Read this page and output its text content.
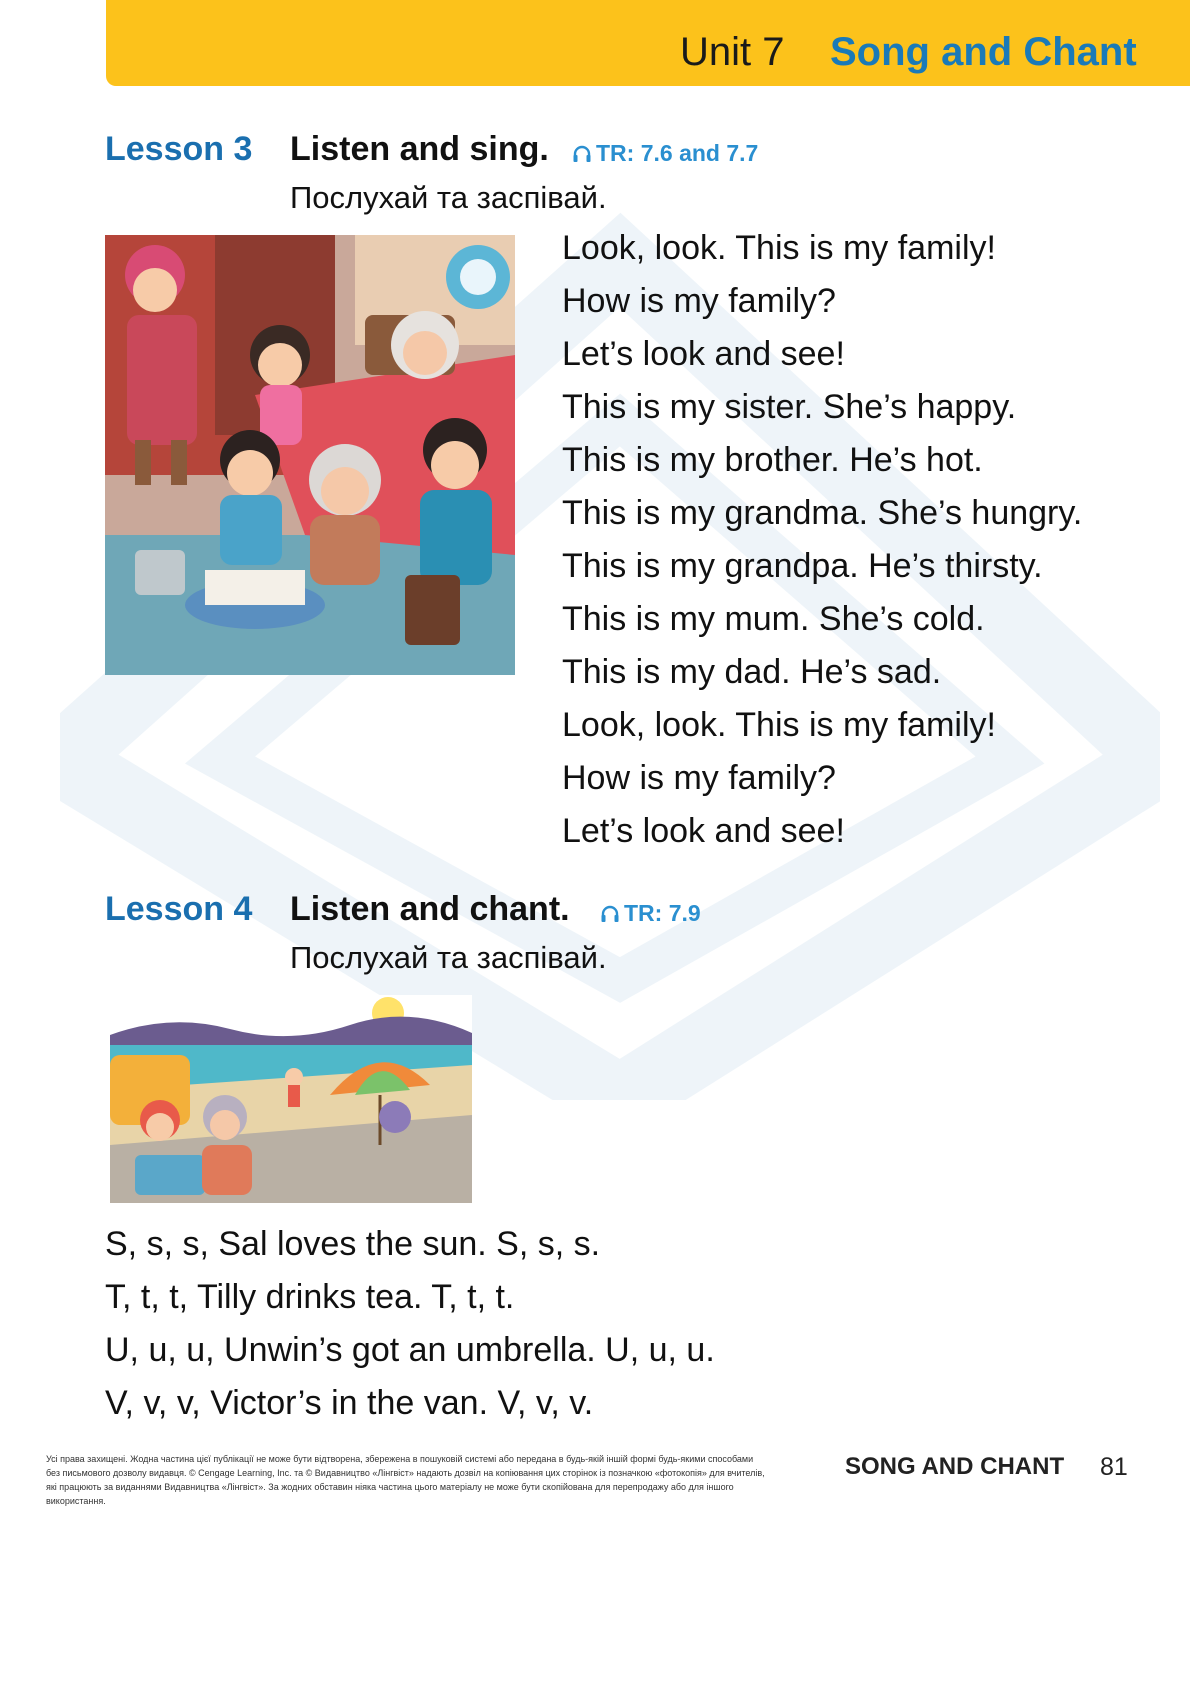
Unit 7 Song and Chant
Lesson 3 Listen and sing.	TR: 7.6 and 7.7
Послухай та заспівай.
Look, look. This is my family!
How is my family?
Let’s look and see!
This is my sister. She’s happy.
This is my brother. He’s hot.
This is my grandma. She’s hungry.
This is my grandpa. He’s thirsty.
This is my mum. She’s cold.
This is my dad. He’s sad.
Look, look. This is my family!
How is my family?
Let’s look and see!
Lesson 4 Listen and chant.	TR: 7.9
Послухай та заспівай.
S, s, s, Sal loves the sun. S, s, s.
T, t, t, Tilly drinks tea. T, t, t.
U, u, u, Unwin’s got an umbrella. U, u, u.
V, v, v, Victor’s in the van. V, v, v.
Усі права захищені. Жодна частина цієї публікації не може бути відтворена, збережена в пошуковій системі або передана в будь-якій іншій формі будь-якими способами без письмового дозволу видавця. © Cengage Learning, Inc. та © Видавництво «Лінгвіст» надають дозвіл на копіювання цих сторінок із позначкою «фотокопія» для вчителів, які працюють за виданнями Видавництва «Лінгвіст». За жодних обставин ніяка частина цього матеріалу не може бути скопійована для перепродажу або для іншого використання.
SONG AND CHANT 81
